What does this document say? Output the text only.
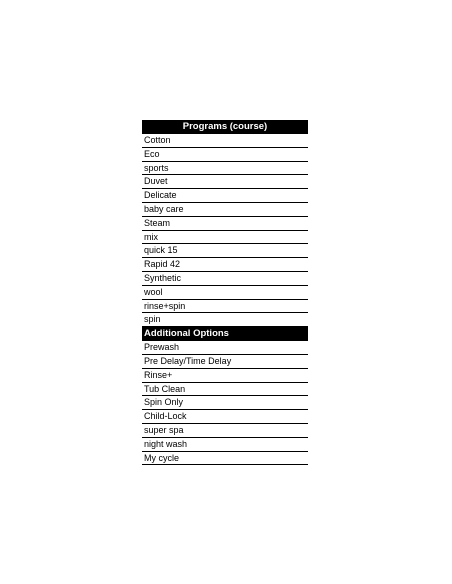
Programs (course)
Cotton
Eco
sports
Duvet
Delicate
baby care
Steam
mix
quick 15
Rapid 42
Synthetic
wool
rinse+spin
spin
Additional Options
Prewash
Pre Delay/Time Delay
Rinse+
Tub Clean
Spin Only
Child-Lock
super spa
night wash
My cycle
